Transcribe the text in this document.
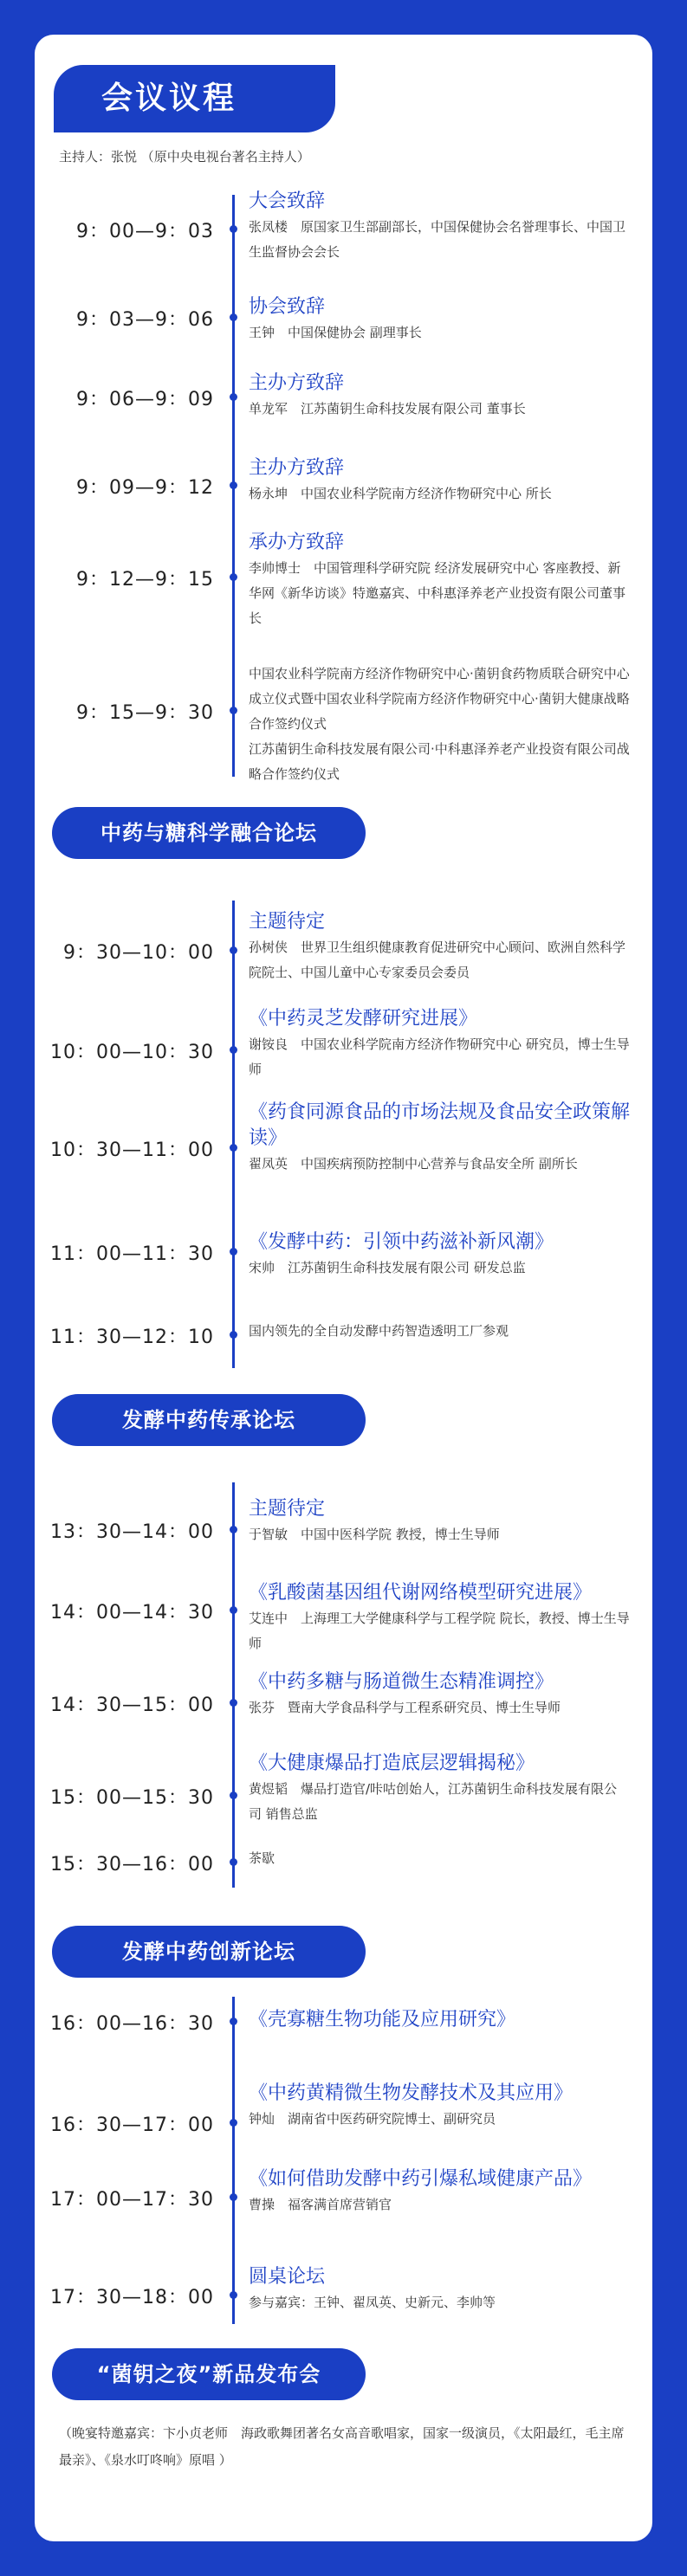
会议议程
主持人：张悦 （原中央电视台著名主持人）
9：00—9：03
大会致辞
张凤楼　原国家卫生部副部长，中国保健协会名誉理事长、中国卫生监督协会会长
9：03—9：06
协会致辞
王钟　中国保健协会 副理事长
9：06—9：09
主办方致辞
单龙军　江苏菌钥生命科技发展有限公司 董事长
9：09—9：12
主办方致辞
杨永坤　中国农业科学院南方经济作物研究中心 所长
9：12—9：15
承办方致辞
李帅博士　中国管理科学研究院 经济发展研究中心 客座教授、新华网《新华访谈》特邀嘉宾、中科惠泽养老产业投资有限公司董事长
9：15—9：30
中国农业科学院南方经济作物研究中心·菌钥食药物质联合研究中心成立仪式暨中国农业科学院南方经济作物研究中心·菌钥大健康战略合作签约仪式
江苏菌钥生命科技发展有限公司·中科惠泽养老产业投资有限公司战略合作签约仪式
中药与糖科学融合论坛
9：30—10：00
主题待定
孙树侠　世界卫生组织健康教育促进研究中心顾问、欧洲自然科学院院士、中国儿童中心专家委员会委员
10：00—10：30
《中药灵芝发酵研究进展》
谢铵良　中国农业科学院南方经济作物研究中心 研究员，博士生导师
10：30—11：00
《药食同源食品的市场法规及食品安全政策解读》
翟凤英　中国疾病预防控制中心营养与食品安全所 副所长
11：00—11：30
《发酵中药：引领中药滋补新风潮》
宋帅　江苏菌钥生命科技发展有限公司 研发总监
11：30—12：10	国内领先的全自动发酵中药智造透明工厂参观
发酵中药传承论坛
13：30—14：00
主题待定
于智敏　中国中医科学院 教授，博士生导师
14：00—14：30
《乳酸菌基因组代谢网络模型研究进展》
艾连中　上海理工大学健康科学与工程学院 院长，教授、博士生导师
14：30—15：00
《中药多糖与肠道微生态精准调控》
张芬　暨南大学食品科学与工程系研究员、博士生导师
15：00—15：30
《大健康爆品打造底层逻辑揭秘》
黄煜韬　爆品打造官/咔咕创始人，江苏菌钥生命科技发展有限公司 销售总监
15：30—16：00	茶歇
发酵中药创新论坛
16：00—16：30 《壳寡糖生物功能及应用研究》
16：30—17：00
《中药黄精微生物发酵技术及其应用》
钟灿　湖南省中医药研究院博士、副研究员
17：00—17：30
《如何借助发酵中药引爆私域健康产品》
曹操　福客满首席营销官
17：30—18：00
圆桌论坛
参与嘉宾：王钟、翟凤英、史新元、李帅等
“菌钥之夜”新品发布会
（晚宴特邀嘉宾：卞小贞老师　海政歌舞团著名女高音歌唱家，国家一级演员，《太阳最红，毛主席最亲》、《泉水叮咚响》原唱 ）
